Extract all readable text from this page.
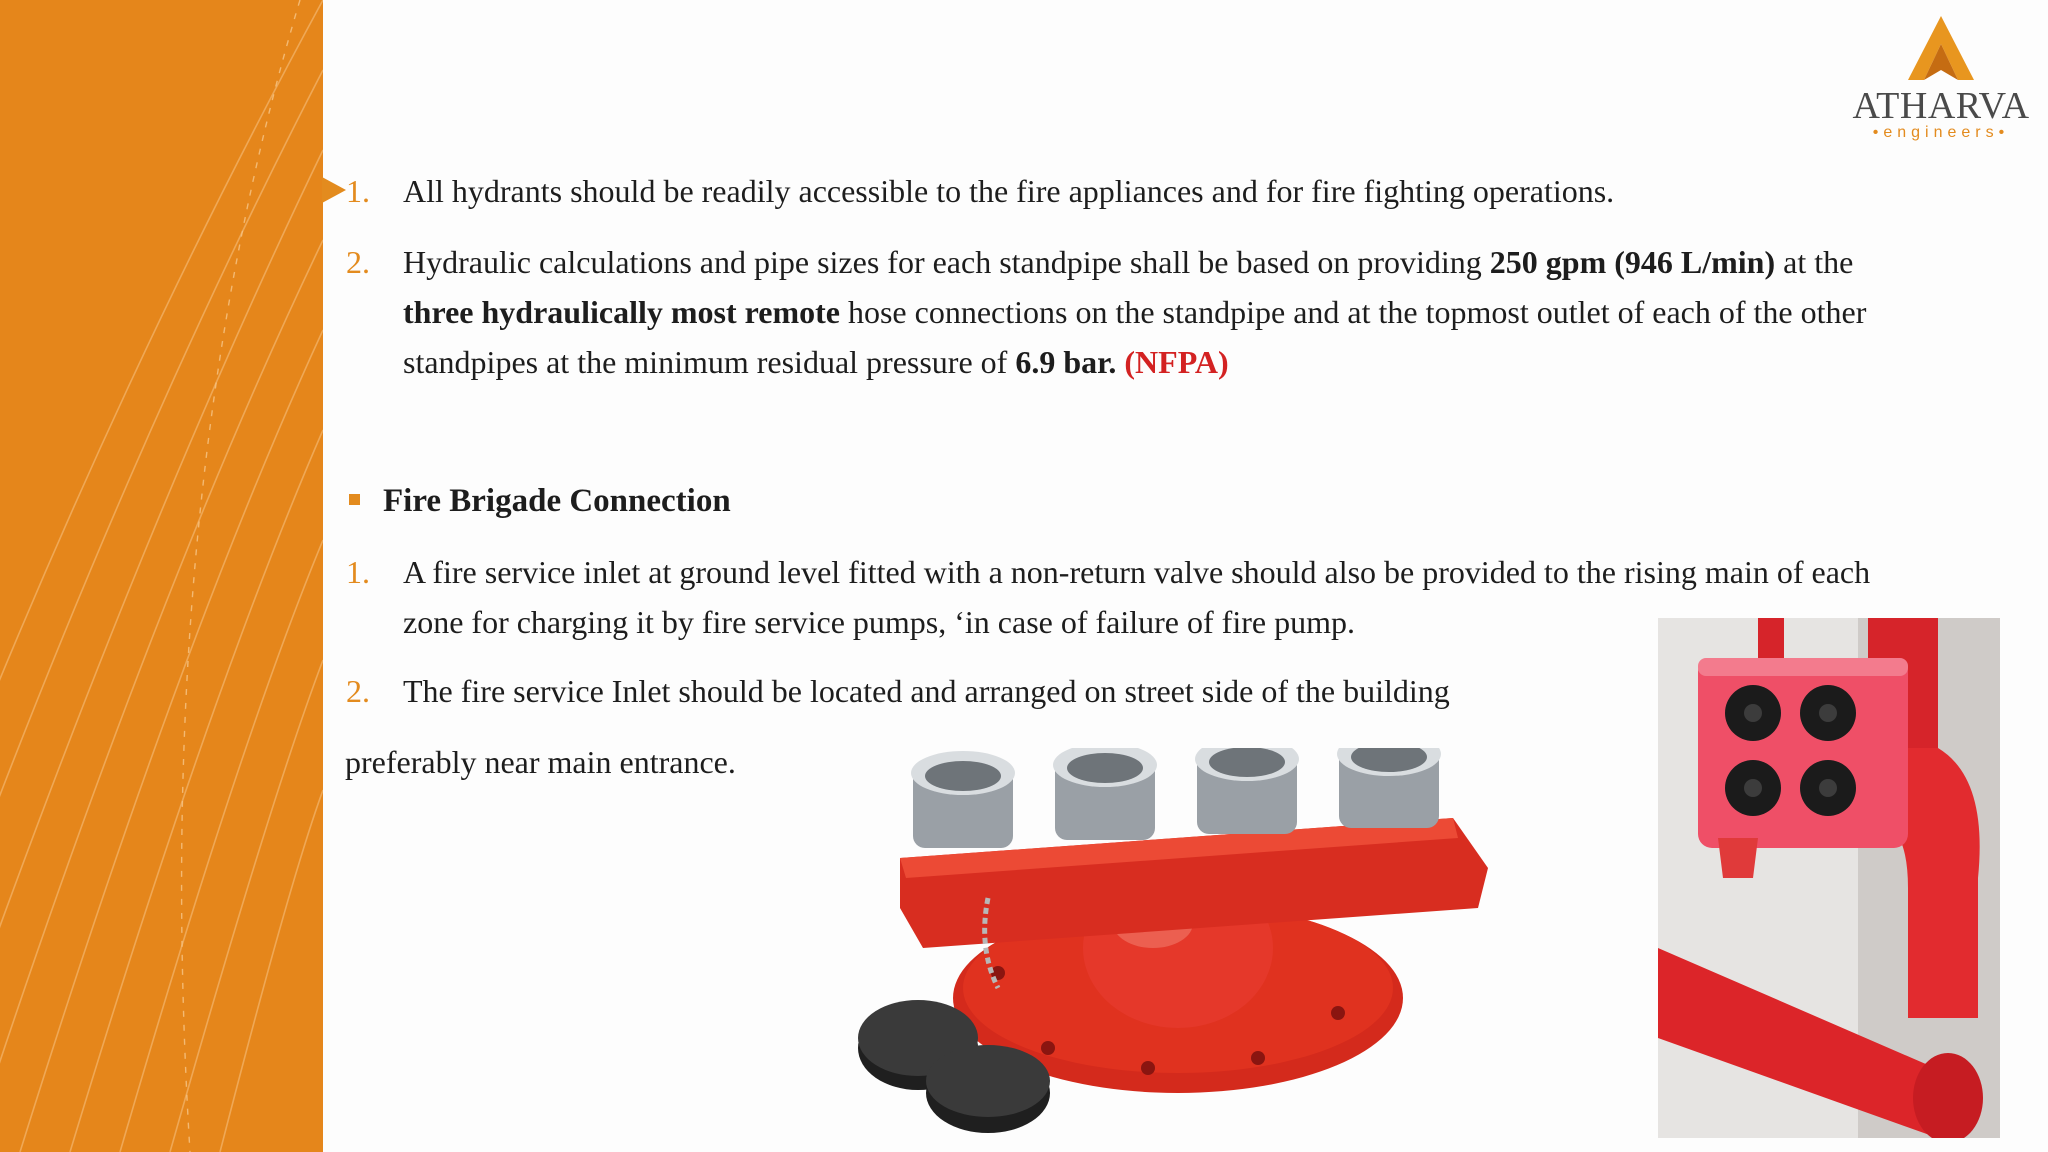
ATHARVA
•engineers•
1. All hydrants should be readily accessible to the fire appliances and for fire fighting operations.
2. Hydraulic calculations and pipe sizes for each standpipe shall be based on providing 250 gpm (946 L/min) at the
three hydraulically most remote hose connections on the standpipe and at the topmost outlet of each of the other standpipes at the minimum residual pressure of 6.9 bar. (NFPA)
Fire Brigade Connection
1. A fire service inlet at ground level fitted with a non-return valve should also be provided to the rising main of each
zone for charging it by fire service pumps, ‘in case of failure of fire pump.
2. The fire service Inlet should be located and arranged on street side of the building
preferably near main entrance.
